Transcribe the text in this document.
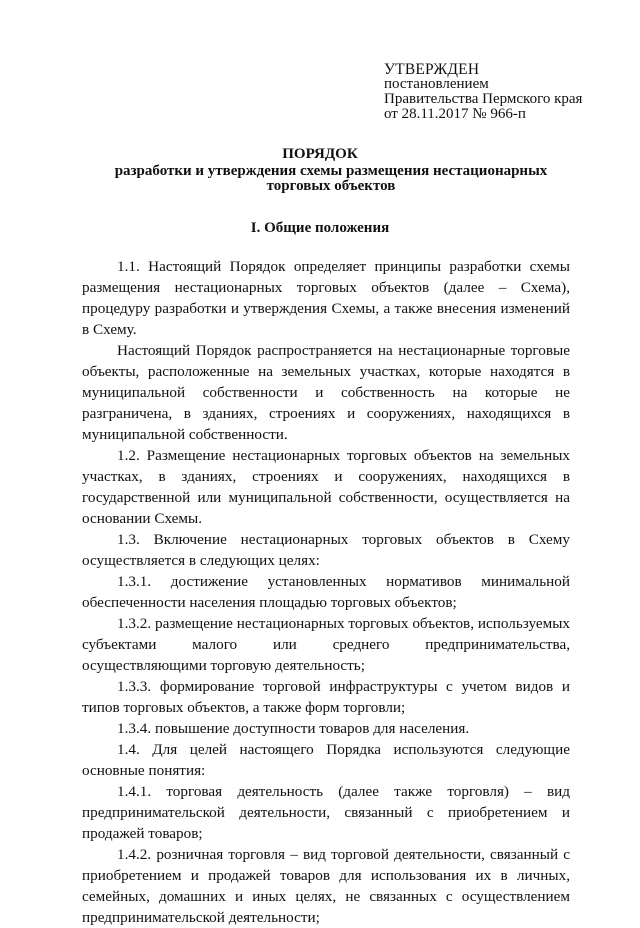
УТВЕРЖДЕН
постановлением
Правительства Пермского края
от 28.11.2017 № 966-п
ПОРЯДОК
разработки и утверждения схемы размещения нестационарных торговых объектов
I. Общие положения

1.1. Настоящий Порядок определяет принципы разработки схемы размещения нестационарных торговых объектов (далее – Схема), процедуру разработки и утверждения Схемы, а также внесения изменений в Схему.

Настоящий Порядок распространяется на нестационарные торговые объекты, расположенные на земельных участках, которые находятся в муниципальной собственности и собственность на которые не разграничена, в зданиях, строениях и сооружениях, находящихся в муниципальной собственности.

1.2. Размещение нестационарных торговых объектов на земельных участках, в зданиях, строениях и сооружениях, находящихся в государственной или муниципальной собственности, осуществляется на основании Схемы.

1.3. Включение нестационарных торговых объектов в Схему осуществляется в следующих целях:

1.3.1. достижение установленных нормативов минимальной обеспеченности населения площадью торговых объектов;

1.3.2. размещение нестационарных торговых объектов, используемых субъектами малого или среднего предпринимательства, осуществляющими торговую деятельность;

1.3.3. формирование торговой инфраструктуры с учетом видов и типов торговых объектов, а также форм торговли;

1.3.4. повышение доступности товаров для населения.

1.4. Для целей настоящего Порядка используются следующие основные понятия:

1.4.1. торговая деятельность (далее также торговля) – вид предпринимательской деятельности, связанный с приобретением и продажей товаров;

1.4.2. розничная торговля – вид торговой деятельности, связанный с приобретением и продажей товаров для использования их в личных, семейных, домашних и иных целях, не связанных с осуществлением предпринимательской деятельности;
